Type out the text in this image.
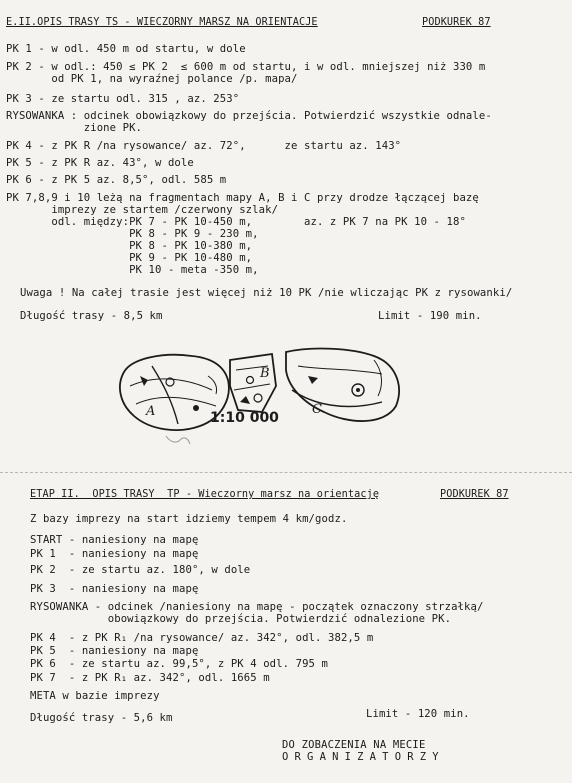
E.II.OPIS TRASY TS - WIECZORNY MARSZ NA ORIENTACJE	PODKUREK 87
PK 1 - w odl. 450 m od startu, w dole
PK 2 - w odl.: 450 ≤ PK 2  ≤ 600 m od startu, i w odl. mniejszej niż 330 m
od PK 1, na wyraźnej polance /p. mapa/
PK 3 - ze startu odl. 315 , az. 253°
RYSOWANKA : odcinek obowiązkowy do przejścia. Potwierdzić wszystkie odnale-
zione PK.
PK 4 - z PK R /na rysowance/ az. 72°,      ze startu az. 143°
PK 5 - z PK R az. 43°, w dole
PK 6 - z PK 5 az. 8,5°, odl. 585 m
PK 7,8,9 i 10 leżą na fragmentach mapy A, B i C przy drodze łączącej bazę
imprezy ze startem /czerwony szlak/
odl. między:PK 7 - PK 10-450 m,        az. z PK 7 na PK 10 - 18°
PK 8 - PK 9 - 230 m,
PK 8 - PK 10-380 m,
PK 9 - PK 10-480 m,
PK 10 - meta -350 m,
Uwaga ! Na całej trasie jest więcej niż 10 PK /nie wliczając PK z rysowanki/
Długość trasy - 8,5 km	Limit - 190 min.
A
B
C
1:10 000
ETAP II.  OPIS TRASY  TP - Wieczorny marsz na orientację	PODKUREK 87
Z bazy imprezy na start idziemy tempem 4 km/godz.
START - naniesiony na mapę
PK 1  - naniesiony na mapę
PK 2  - ze startu az. 180°, w dole
PK 3  - naniesiony na mapę
RYSOWANKA - odcinek /naniesiony na mapę - początek oznaczony strzałką/
obowiązkowy do przejścia. Potwierdzić odnalezione PK.
PK 4  - z PK R₁ /na rysowance/ az. 342°, odl. 382,5 m
PK 5  - naniesiony na mapę
PK 6  - ze startu az. 99,5°, z PK 4 odl. 795 m
PK 7  - z PK R₁ az. 342°, odl. 1665 m
META w bazie imprezy
Długość trasy - 5,6 km	Limit - 120 min.
DO ZOBACZENIA NA MECIE
ORGANIZATORZY
